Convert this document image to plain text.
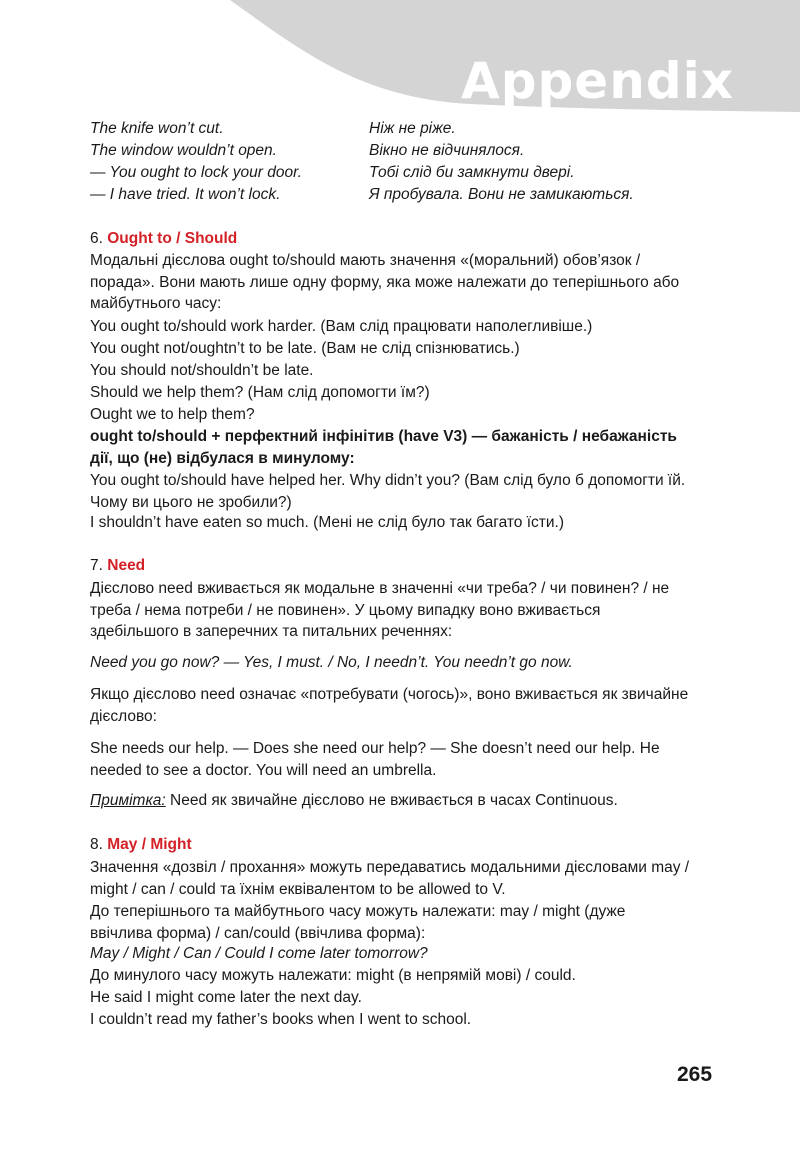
Appendix
The knife won’t cut.	Ніж не ріже.
The window wouldn’t open.	Вікно не відчинялося.
— You ought to lock your door.	Тобі слід би замкнути двері.
— I have tried. It won’t lock.	Я пробувала. Вони не замикаються.
6. Ought to / Should
Модальні дієслова ought to/should мають значення «(моральний) обов’язок / порада». Вони мають лише одну форму, яка може належати до теперішнього або майбутнього часу:
You ought to/should work harder. (Вам слід працювати наполегливіше.)
You ought not/oughtn’t to be late. (Вам не слід спізнюватись.)
You should not/shouldn’t be late.
Should we help them? (Нам слід допомогти їм?)
Ought we to help them?
ought to/should + перфектний інфінітив (have V3) — бажаність / небажаність дії, що (не) відбулася в минулому:
You ought to/should have helped her. Why didn’t you? (Вам слід було б допомогти їй. Чому ви цього не зробили?)
I shouldn’t have eaten so much. (Мені не слід було так багато їсти.)
7. Need
Дієслово need вживається як модальне в значенні «чи треба? / чи повинен? / не треба / нема потреби / не повинен». У цьому випадку воно вживається здебільшого в заперечних та питальних реченнях:
Need you go now? — Yes, I must. / No, I needn’t. You needn’t go now.
Якщо дієслово need означає «потребувати (чогось)», воно вживається як звичайне дієслово:
She needs our help. — Does she need our help? — She doesn’t need our help. He needed to see a doctor. You will need an umbrella.
Примітка: Need як звичайне дієслово не вживається в часах Continuous.
8. May / Might
Значення «дозвіл / прохання» можуть передаватись модальними дієсловами may / might / can / could та їхнім еквівалентом to be allowed to V.
До теперішнього та майбутнього часу можуть належати: may / might (дуже ввічлива форма) / can/could (ввічлива форма):
May / Might / Can / Could I come later tomorrow?
До минулого часу можуть належати: might (в непрямій мові) / could.
He said I might come later the next day.
I couldn’t read my father’s books when I went to school.
265
